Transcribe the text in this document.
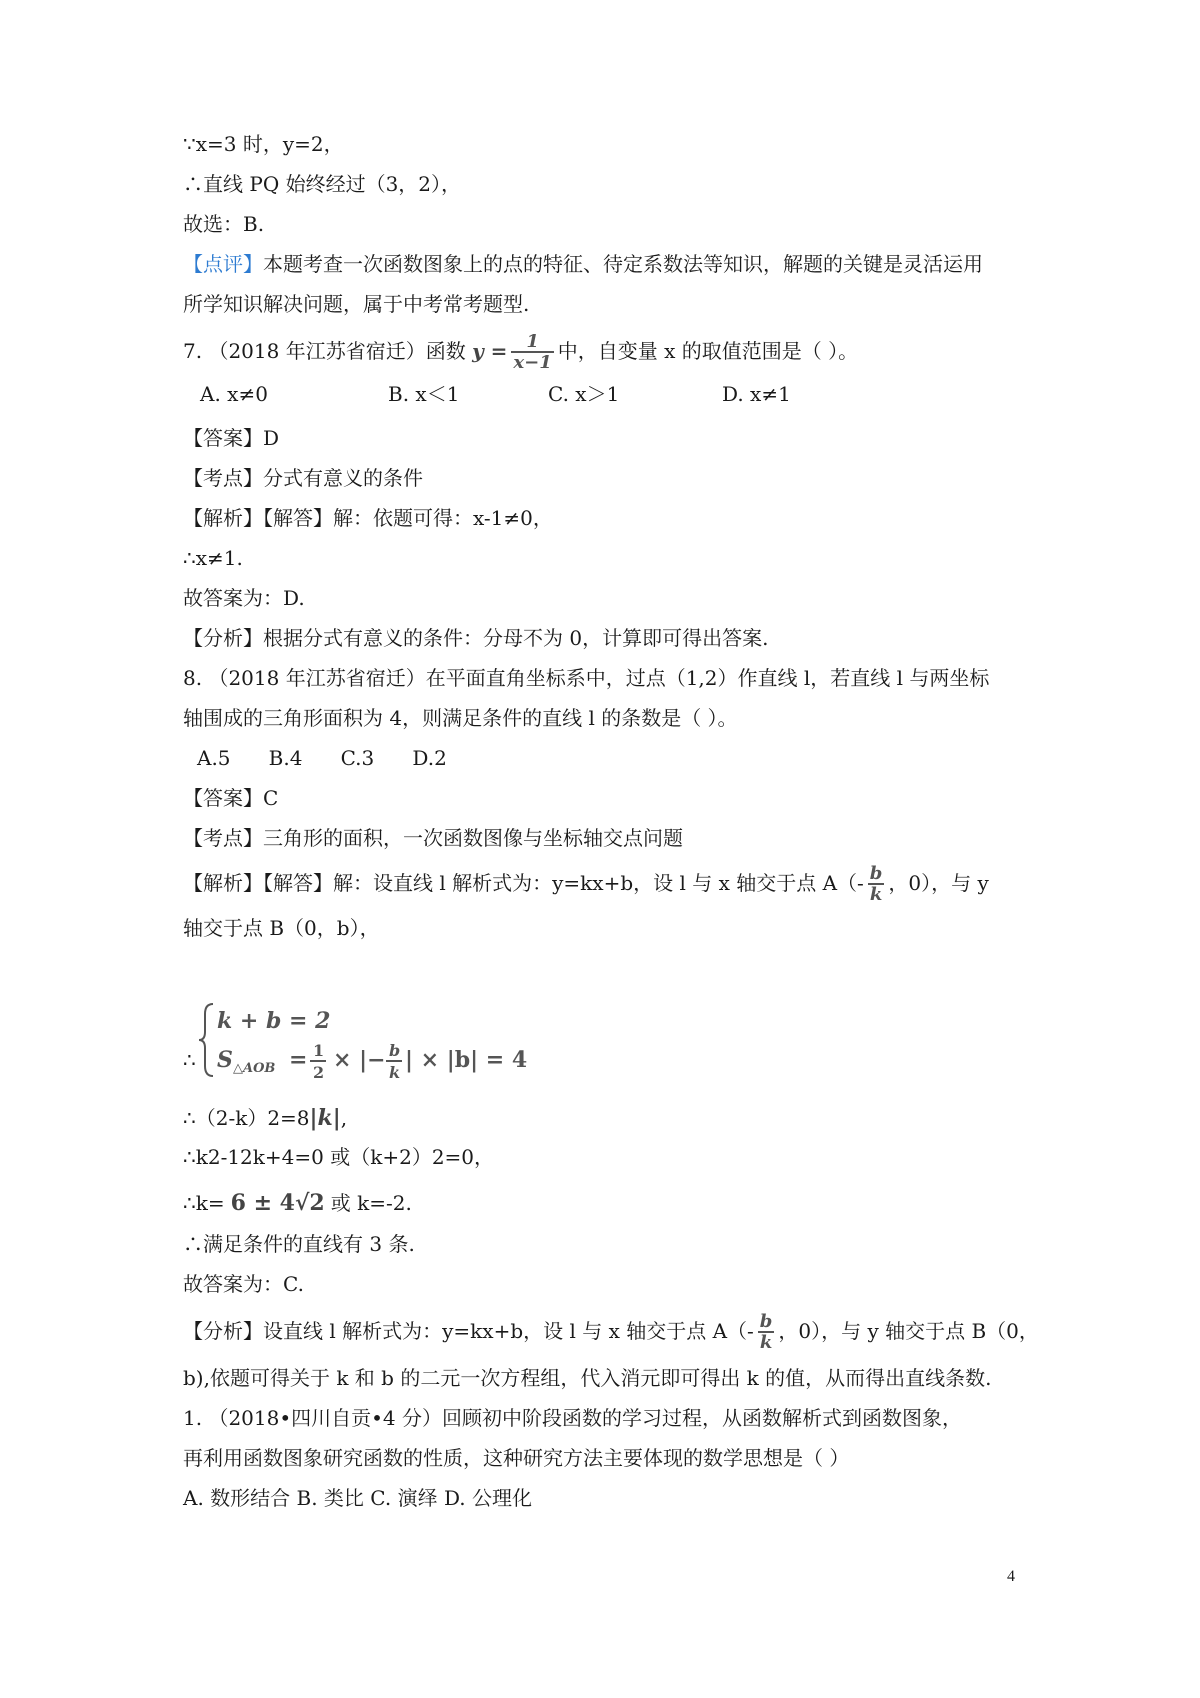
∵x=3 时，y=2，
∴直线 PQ 始终经过（3，2），
故选：B.
【点评】本题考查一次函数图象上的点的特征、待定系数法等知识，解题的关键是灵活运用
所学知识解决问题，属于中考常考题型.
7. （2018 年江苏省宿迁）函数 $y = \frac{1}{x-1}$ 中，自变量 x 的取值范围是（ ）。
A. x≠0	B. x＜1	C. x＞1	D. x≠1
【答案】D
【考点】分式有意义的条件
【解析】【解答】解：依题可得：x-1≠0，
∴x≠1.
故答案为：D.
【分析】根据分式有意义的条件：分母不为 0，计算即可得出答案.
8. （2018 年江苏省宿迁）在平面直角坐标系中，过点（1,2）作直线 l，若直线 l 与两坐标
轴围成的三角形面积为 4，则满足条件的直线 l 的条数是（ ）。
A.5      B.4      C.3      D.2
【答案】C
【考点】三角形的面积，一次函数图像与坐标轴交点问题
【解析】【解答】解：设直线 l 解析式为：y=kx+b，设 l 与 x 轴交于点 $A(- \frac{b}{k}$ ，0），与 y
轴交于点 B（0，b），
∴
k + b = 2
S △AOB = 1
2 × |− b
k | × |b| = 4
∴（2-k）2=8|k|,
∴k2-12k+4=0 或（k+2）2=0，
∴k= 6 ± 4√2 或 k=-2.
∴满足条件的直线有 3 条.
故答案为：C.
【分析】设直线 l 解析式为：y=kx+b，设 l 与 x 轴交于点 $A(- \frac{b}{k}$ ，0），与 y 轴交于点 B（0，
b),依题可得关于 k 和 b 的二元一次方程组，代入消元即可得出 k 的值，从而得出直线条数.
1. （2018•四川自贡•4 分）回顾初中阶段函数的学习过程，从函数解析式到函数图象，
再利用函数图象研究函数的性质，这种研究方法主要体现的数学思想是（ ）
A. 数形结合 B. 类比 C. 演绎 D. 公理化
4
